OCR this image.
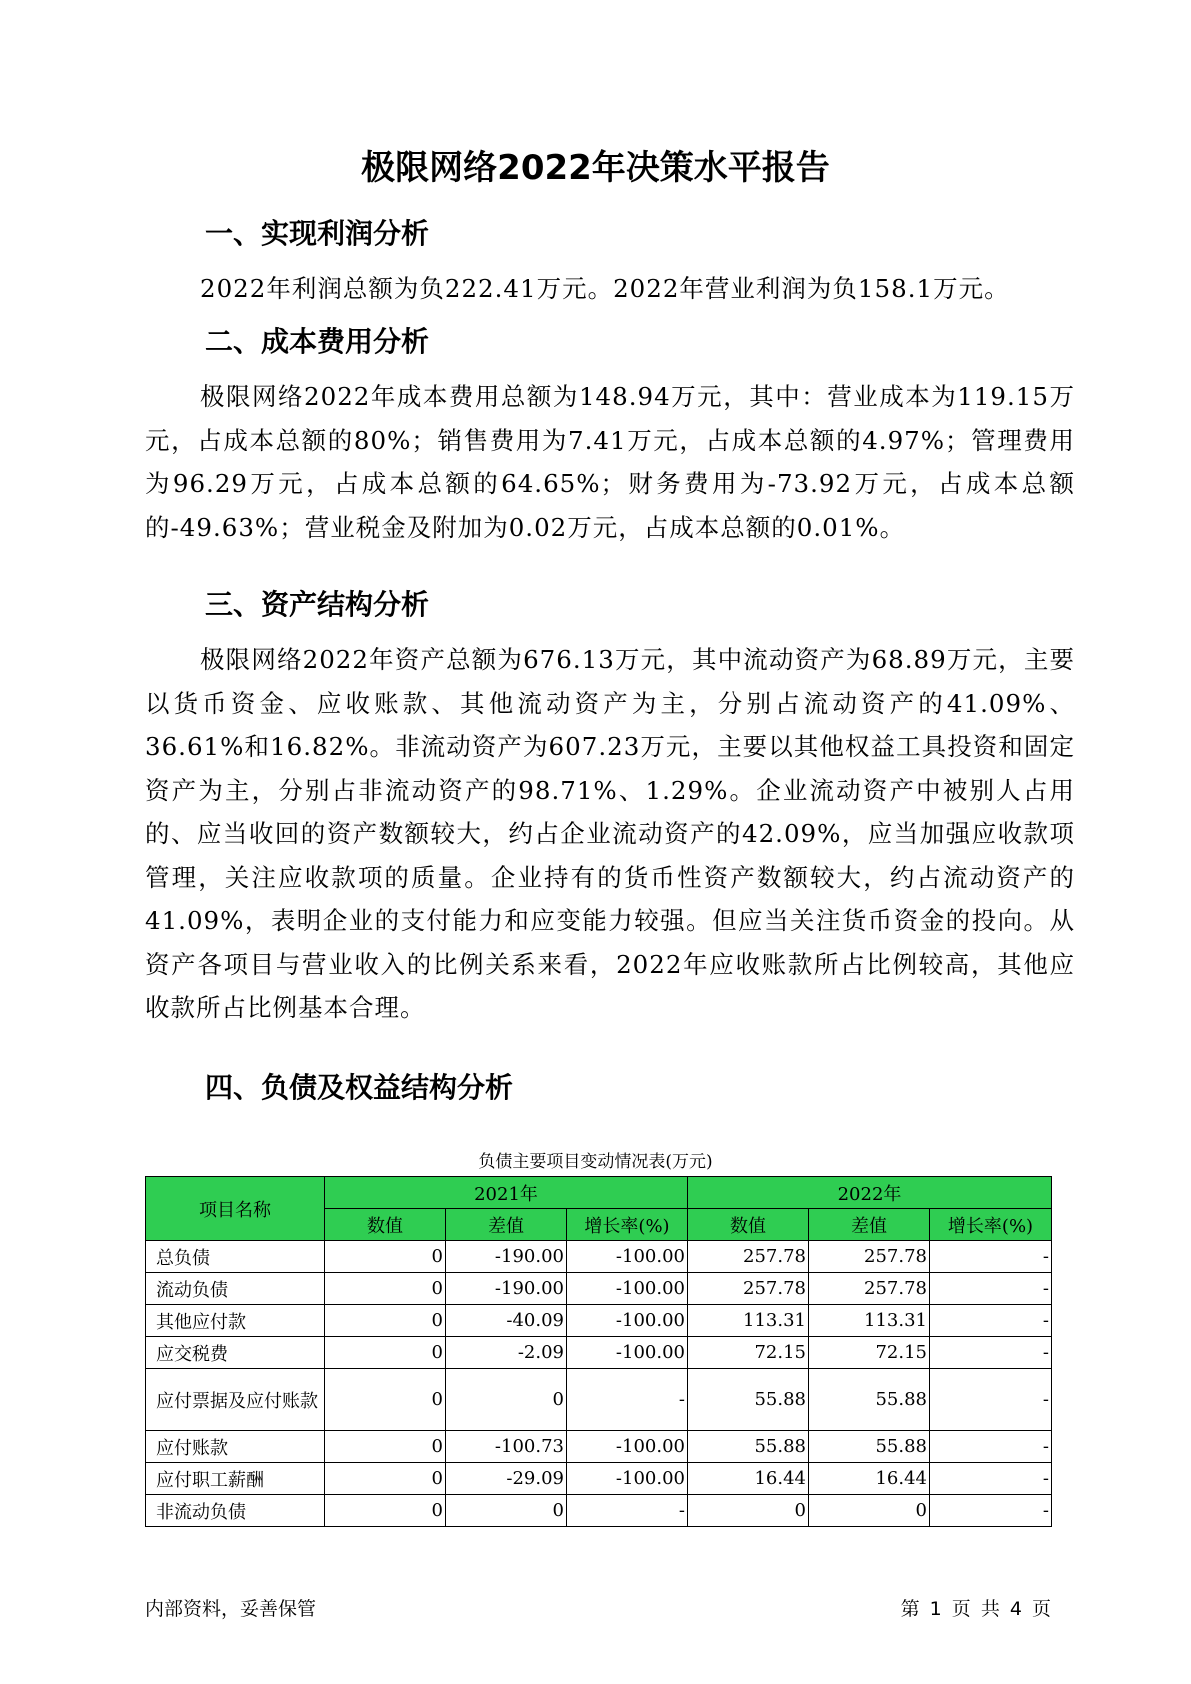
极限网络2022年决策水平报告
一、实现利润分析
2022年利润总额为负222.41万元。2022年营业利润为负158.1万元。
二、成本费用分析
极限网络2022年成本费用总额为148.94万元，其中：营业成本为119.15万元，占成本总额的80%；销售费用为7.41万元，占成本总额的4.97%；管理费用为96.29万元，占成本总额的64.65%；财务费用为-73.92万元，占成本总额的-49.63%；营业税金及附加为0.02万元，占成本总额的0.01%。
三、资产结构分析
极限网络2022年资产总额为676.13万元，其中流动资产为68.89万元，主要以货币资金、应收账款、其他流动资产为主，分别占流动资产的41.09%、36.61%和16.82%。非流动资产为607.23万元，主要以其他权益工具投资和固定资产为主，分别占非流动资产的98.71%、1.29%。企业流动资产中被别人占用的、应当收回的资产数额较大，约占企业流动资产的42.09%，应当加强应收款项管理，关注应收款项的质量。企业持有的货币性资产数额较大，约占流动资产的41.09%，表明企业的支付能力和应变能力较强。但应当关注货币资金的投向。从资产各项目与营业收入的比例关系来看，2022年应收账款所占比例较高，其他应收款所占比例基本合理。
四、负债及权益结构分析
负债主要项目变动情况表(万元)
项目名称	2021年			2022年		
	数值	差值	增长率(%)	数值	差值	增长率(%)
总负债	0	-190.00	-100.00	257.78	257.78	-
流动负债	0	-190.00	-100.00	257.78	257.78	-
其他应付款	0	-40.09	-100.00	113.31	113.31	-
应交税费	0	-2.09	-100.00	72.15	72.15	-
应付票据及应付账款	0	0	-	55.88	55.88	-
应付账款	0	-100.73	-100.00	55.88	55.88	-
应付职工薪酬	0	-29.09	-100.00	16.44	16.44	-
非流动负债	0	0	-	0	0	-
内部资料，妥善保管	第 1 页 共 4 页
